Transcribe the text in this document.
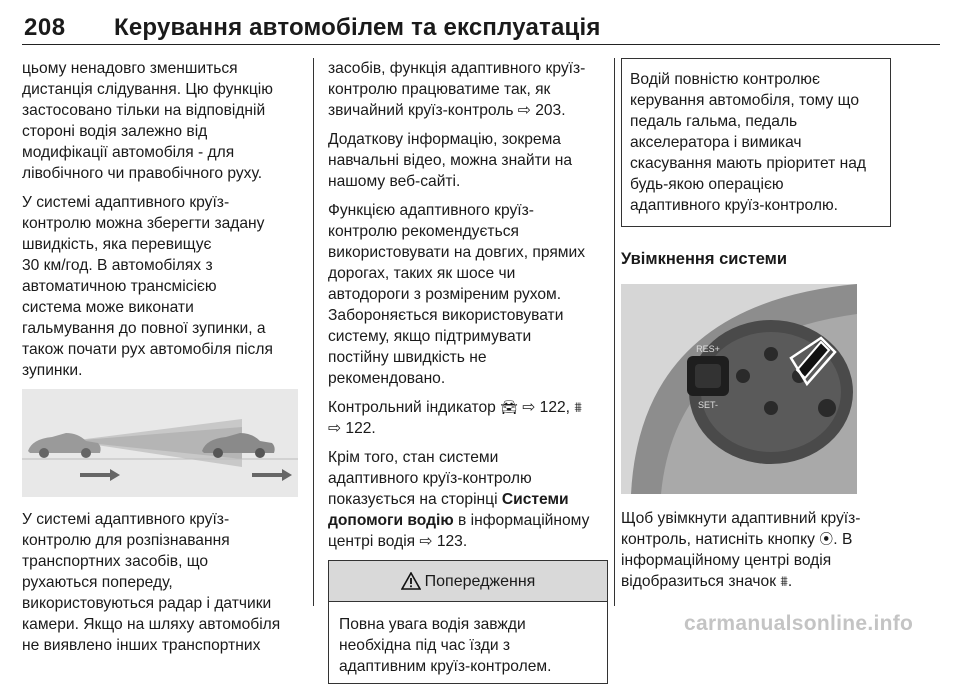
208 Керування автомобілем та експлуатація

цьому ненадовго зменшиться
дистанція слідування. Цю функцію
застосовано тільки на відповідній
стороні водія залежно від
модифікації автомобіля - для
лівобічного чи правобічного руху.

У системі адаптивного круїз-
контролю можна зберегти задану
швидкість, яка перевищує
30 км/год. В автомобілях з
автоматичною трансмісією
система може виконати
гальмування до повної зупинки, а
також почати рух автомобіля після
зупинки.

У системі адаптивного круїз-
контролю для розпізнавання
транспортних засобів, що
рухаються попереду,
використовуються радар і датчики
камери. Якщо на шляху автомобіля
не виявлено інших транспортних

засобів, функція адаптивного круїз-
контролю працюватиме так, як
звичайний круїз-контроль ⇨ 203.

Додаткову інформацію, зокрема
навчальні відео, можна знайти на
нашому веб-сайті.

Функцією адаптивного круїз-
контролю рекомендується
використовувати на довгих, прямих
дорогах, таких як шосе чи
автодороги з розміреним рухом.
Забороняється використовувати
систему, якщо підтримувати
постійну швидкість не
рекомендовано.

Контрольний індикатор 🚘︎ ⇨ 122, ⩩
⇨ 122.

Крім того, стан системи
адаптивного круїз-контролю
показується на сторінці Системи
допомоги водію в інформаційному
центрі водія ⇨ 123.

Попередження
Повна увага водія завжди
необхідна під час їзди з
адаптивним круїз-контролем.
Водій повністю контролює
керування автомобіля, тому що
педаль гальма, педаль
акселератора і вимикач
скасування мають пріоритет над
будь-якою операцією
адаптивного круїз-контролю.
Увімкнення системи
RES+
SET-

Щоб увімкнути адаптивний круїз-
контроль, натисніть кнопку ⦿. В
інформаційному центрі водія
відобразиться значок ⩩.

carmanualsonline.info
